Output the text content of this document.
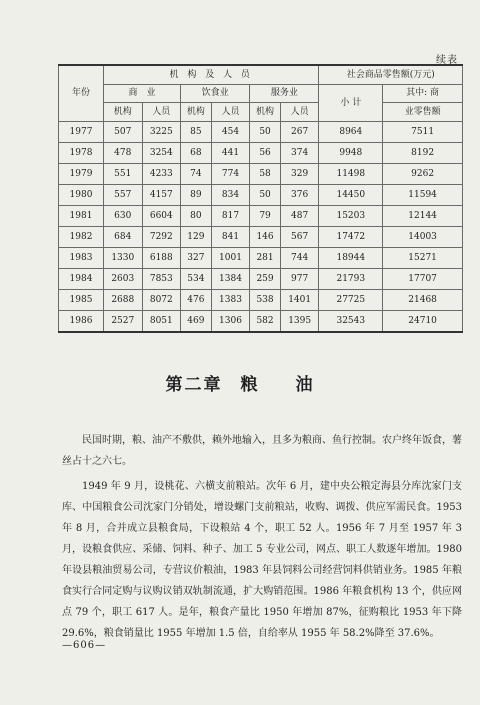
续表
年份	机 构 及 人 员						社会商品零售额(万元)	
	商　业		饮食业		服务业		小 计	其中: 商
	机构	人员	机构	人员	机构	人员		业零售额
1977	507	3225	85	454	50	267	8964	7511
1978	478	3254	68	441	56	374	9948	8192
1979	551	4233	74	774	58	329	11498	9262
1980	557	4157	89	834	50	376	14450	11594
1981	630	6604	80	817	79	487	15203	12144
1982	684	7292	129	841	146	567	17472	14003
1983	1330	6188	327	1001	281	744	18944	15271
1984	2603	7853	534	1384	259	977	21793	17707
1985	2688	8072	476	1383	538	1401	27725	21468
1986	2527	8051	469	1306	582	1395	32543	24710
第二章 粮 油

民国时期，粮、油产不敷供，赖外地输入，且多为粮商、鱼行控制。农户终年饭食，薯丝占十之六七。

1949 年 9 月，设桃花、六横支前粮站。次年 6 月，建中央公粮定海县分库沈家门支库、中国粮食公司沈家门分销处，增设螺门支前粮站，收购、调拨、供应军需民食。1953 年 8 月，合并成立县粮食局，下设粮站 4 个，职工 52 人。1956 年 7 月至 1957 年 3 月，设粮食供应、采储、饲料、种子、加工 5 专业公司，网点、职工人数逐年增加。1980 年设县粮油贸易公司，专营议价粮油，1983 年县饲料公司经营饲料供销业务。1985 年粮食实行合同定购与议购议销双轨制流通，扩大购销范围。1986 年粮食机构 13 个，供应网点 79 个，职工 617 人。是年，粮食产量比 1950 年增加 87%，征购粮比 1953 年下降 29.6%，粮食销量比 1955 年增加 1.5 倍，自给率从 1955 年 58.2%降至 37.6%。

—606—
